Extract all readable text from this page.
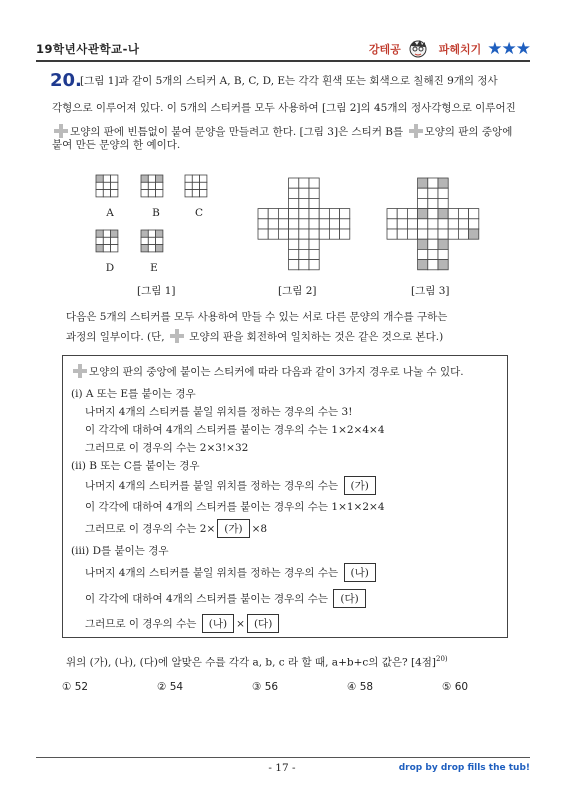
19학년사관학교-나	강테공	파헤치기 ★★★
20.
[그림 1]과 같이 5개의 스티커 A, B, C, D, E는 각각 흰색 또는 회색으로 칠해진 9개의 정사
각형으로 이루어져 있다. 이 5개의 스티커를 모두 사용하여 [그림 2]의 45개의 정사각형으로 이루어진
모양의 판에 빈틈없이 붙여 문양을 만들려고 한다. [그림 3]은 스티커 B를 모양의 판의 중앙에
붙여 만든 문양의 한 예이다.
A	B	C
D	E
[그림 1]	[그림 2]	[그림 3]
다음은 5개의 스티커를 모두 사용하여 만들 수 있는 서로 다른 문양의 개수를 구하는
과정의 일부이다. (단, 모양의 판을 회전하여 일치하는 것은 같은 것으로 본다.)
모양의 판의 중앙에 붙이는 스티커에 따라 다음과 같이 3가지 경우로 나눌 수 있다.
(ⅰ) A 또는 E를 붙이는 경우
나머지 4개의 스티커를 붙일 위치를 정하는 경우의 수는 3!
이 각각에 대하여 4개의 스티커를 붙이는 경우의 수는 1×2×4×4
그러므로 이 경우의 수는 2×3!×32
(ⅱ) B 또는 C를 붙이는 경우
나머지 4개의 스티커를 붙일 위치를 정하는 경우의 수는 (가)
이 각각에 대하여 4개의 스티커를 붙이는 경우의 수는 1×1×2×4
그러므로 이 경우의 수는 2× (가) ×8
(ⅲ) D를 붙이는 경우
나머지 4개의 스티커를 붙일 위치를 정하는 경우의 수는 (나)
이 각각에 대하여 4개의 스티커를 붙이는 경우의 수는 (다)
그러므로 이 경우의 수는 (나) × (다)
위의 (가), (나), (다)에 알맞은 수를 각각 a, b, c 라 할 때, a+b+c의 값은? [4점]$^{20)}$
① 52	② 54	③ 56	④ 58	⑤ 60
- 17 -	drop by drop fills the tub!
